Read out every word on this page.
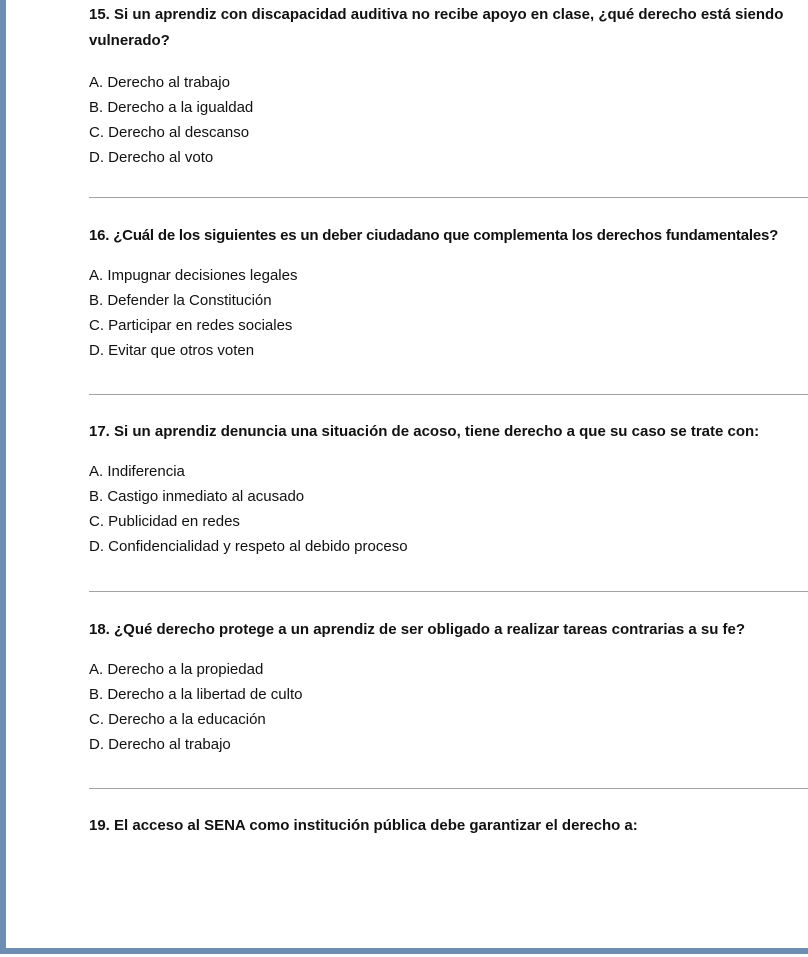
15. Si un aprendiz con discapacidad auditiva no recibe apoyo en clase, ¿qué derecho está siendo vulnerado?

A. Derecho al trabajo
B. Derecho a la igualdad
C. Derecho al descanso
D. Derecho al voto

16. ¿Cuál de los siguientes es un deber ciudadano que complementa los derechos fundamentales?

A. Impugnar decisiones legales
B. Defender la Constitución
C. Participar en redes sociales
D. Evitar que otros voten

17. Si un aprendiz denuncia una situación de acoso, tiene derecho a que su caso se trate con:

A. Indiferencia
B. Castigo inmediato al acusado
C. Publicidad en redes
D. Confidencialidad y respeto al debido proceso

18. ¿Qué derecho protege a un aprendiz de ser obligado a realizar tareas contrarias a su fe?

A. Derecho a la propiedad
B. Derecho a la libertad de culto
C. Derecho a la educación
D. Derecho al trabajo

19. El acceso al SENA como institución pública debe garantizar el derecho a:
